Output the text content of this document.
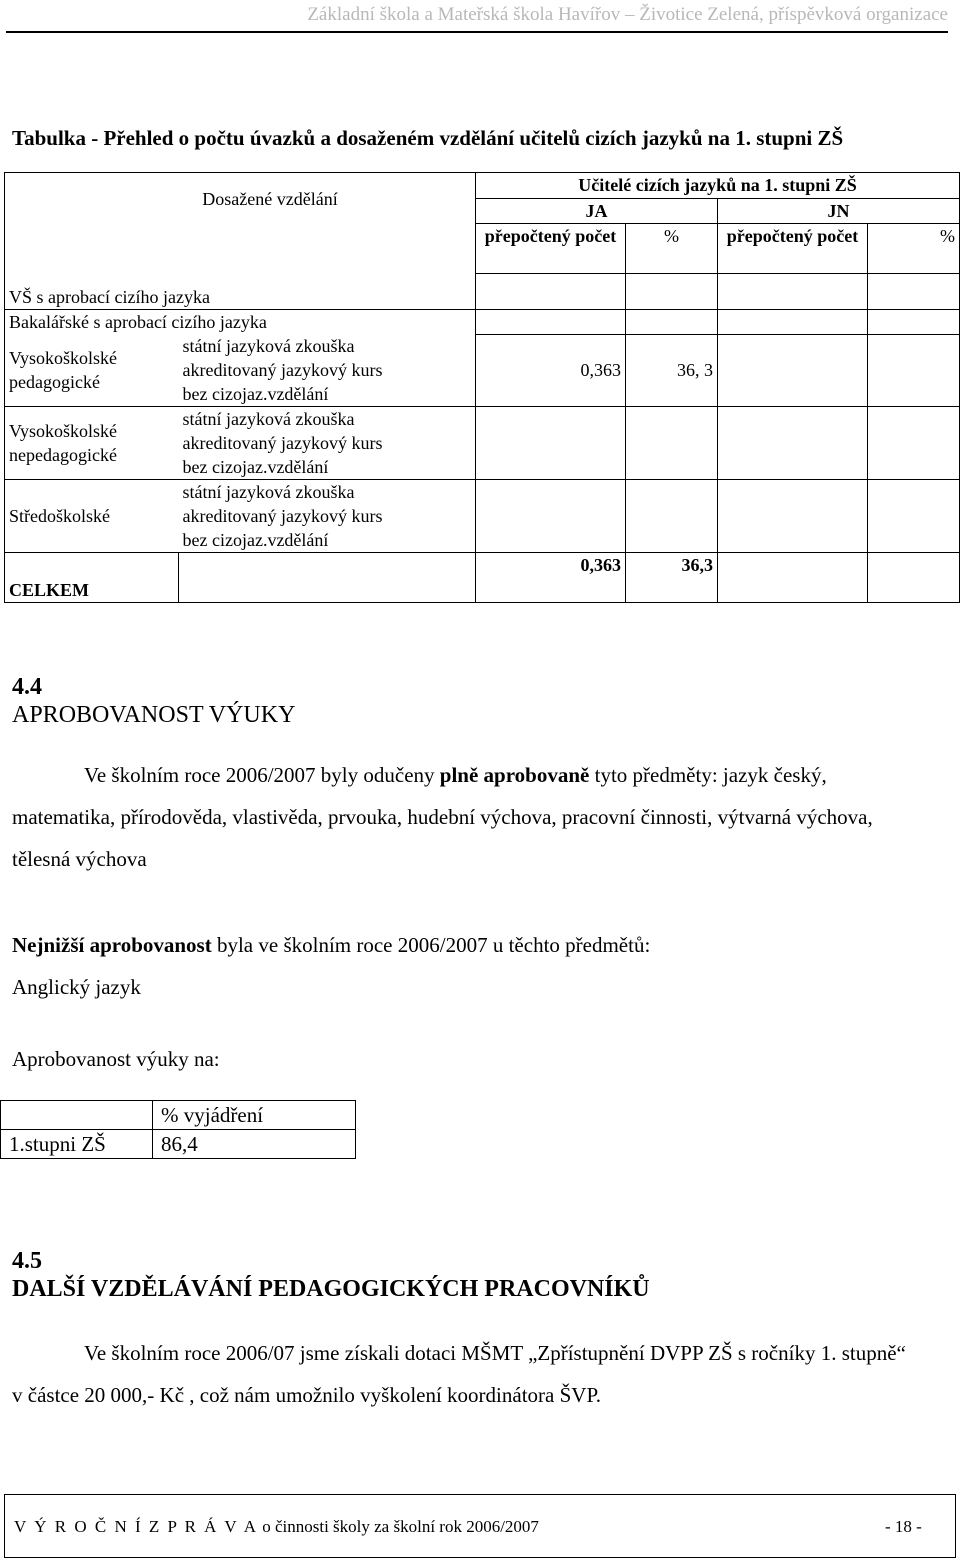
Základní škola a Mateřská škola Havířov – Životice Zelená, příspěvková organizace
Tabulka - Přehled o počtu úvazků a dosaženém vzdělání učitelů cizích jazyků na 1. stupni ZŠ
Dosažené vzdělání		Učitelé cizích jazyků na 1. stupni ZŠ			
		JA		JN	
		přepočtený počet	%	přepočtený počet	%
VŠ s aprobací cizího jazyka					
Bakalářské s aprobací cizího jazyka					
Vysokoškolské pedagogické	státní jazyková zkouška				
	akreditovaný jazykový kurs	0,363	36, 3		
	bez cizojaz.vzdělání				
Vysokoškolské nepedagogické	státní jazyková zkouška				
	akreditovaný jazykový kurs				
	bez cizojaz.vzdělání				
Středoškolské	státní jazyková zkouška				
	akreditovaný jazykový kurs				
	bez cizojaz.vzdělání				
CELKEM		0,363	36,3		
4.4
APROBOVANOST VÝUKY
Ve školním roce 2006/2007 byly odučeny plně aprobovaně tyto předměty: jazyk český, matematika, přírodověda, vlastivěda, prvouka, hudební výchova, pracovní činnosti, výtvarná výchova, tělesná výchova
Nejnižší aprobovanost byla ve školním roce 2006/2007 u těchto předmětů:
Anglický jazyk
Aprobovanost výuky na:
	% vyjádření
1.stupni ZŠ	86,4
4.5
DALŠÍ VZDĚLÁVÁNÍ PEDAGOGICKÝCH PRACOVNÍKŮ
Ve školním roce 2006/07 jsme získali dotaci MŠMT „Zpřístupnění DVPP ZŠ s ročníky 1. stupně“ v částce 20 000,- Kč , což nám umožnilo vyškolení koordinátora ŠVP.
V Ý R O Č N Í Z P R Á V A o činnosti školy za školní rok 2006/2007	- 18 -
